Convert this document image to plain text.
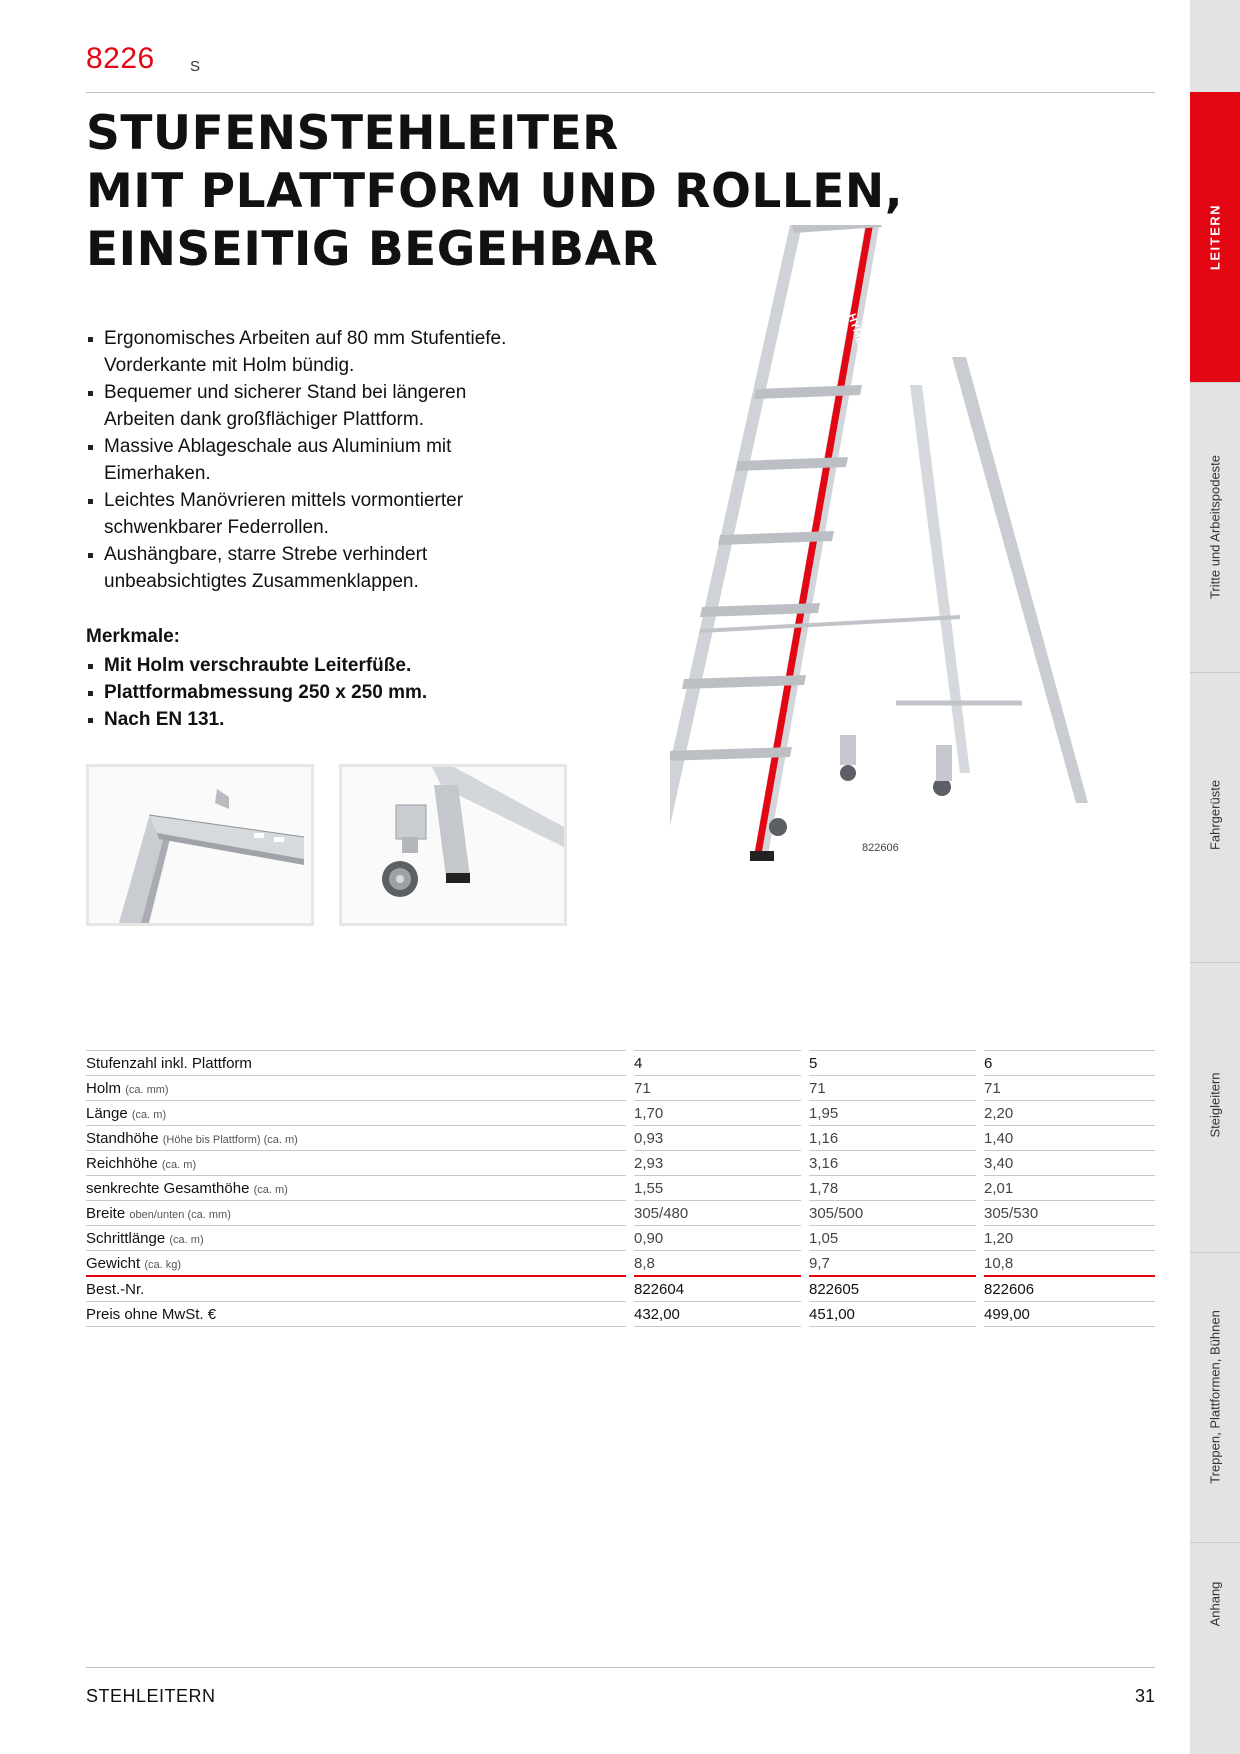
8226 S
STUFENSTEHLEITER
MIT PLATTFORM UND ROLLEN,
EINSEITIG BEGEHBAR
Ergonomisches Arbeiten auf 80 mm Stufentiefe.
Vorderkante mit Holm bündig.
Bequemer und sicherer Stand bei längeren
Arbeiten dank großflächiger Plattform.
Massive Ablageschale aus Aluminium mit
Eimerhaken.
Leichtes Manövrieren mittels vormontierter
schwenkbarer Federrollen.
Aushängbare, starre Strebe verhindert
unbeabsichtigtes Zusammenklappen.
Merkmale:
Mit Holm verschraubte Leiterfüße.
Plattformabmessung 250 x 250 mm.
Nach EN 131.
HYMER
822606
Stufenzahl inkl. Plattform		4		5		6
Holm (ca. mm)		71		71		71
Länge (ca. m)		1,70		1,95		2,20
Standhöhe (Höhe bis Plattform) (ca. m)		0,93		1,16		1,40
Reichhöhe (ca. m)		2,93		3,16		3,40
senkrechte Gesamthöhe (ca. m)		1,55		1,78		2,01
Breite oben/unten (ca. mm)		305/480		305/500		305/530
Schrittlänge (ca. m)		0,90		1,05		1,20
Gewicht (ca. kg)		8,8		9,7		10,8
Best.-Nr.		822604		822605		822606
Preis ohne MwSt. €		432,00		451,00		499,00
STEHLEITERN	31
LEITERN
Tritte und Arbeitspodeste
Fahrgerüste
Steigleitern
Treppen, Plattformen, Bühnen
Anhang
